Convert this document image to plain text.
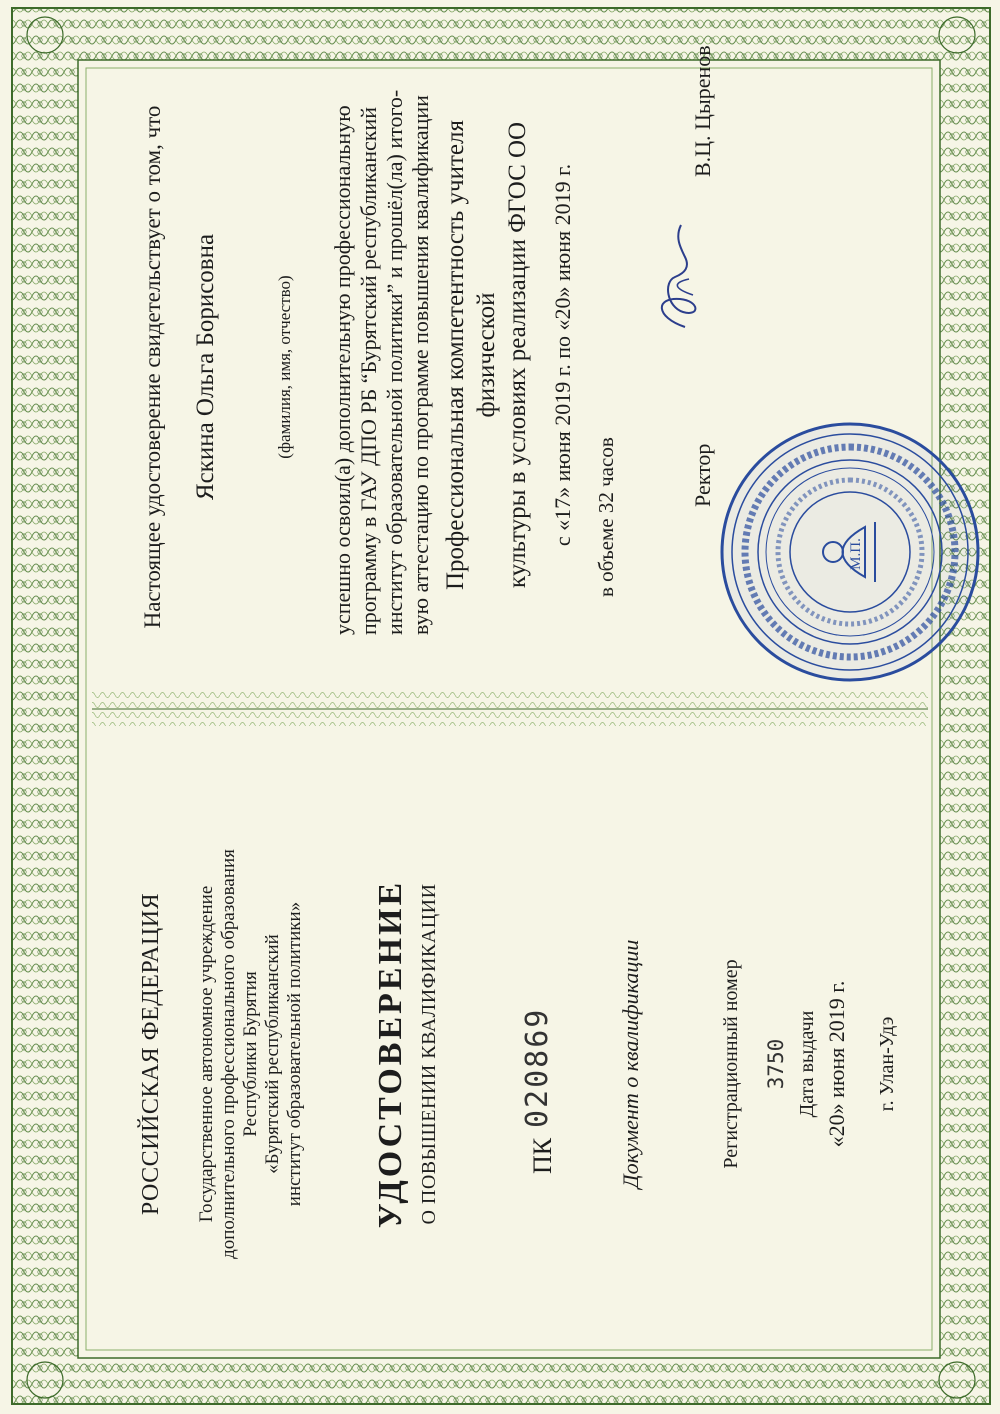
РОССИЙСКАЯ ФЕДЕРАЦИЯ Государственное автономное учреждение дополнительного профессионального образования Республики Бурятия «Бурятский республиканский институт образовательной политики» УДОСТОВЕРЕНИЕ О ПОВЫШЕНИИ КВАЛИФИКАЦИИ	ПК
020869	Документ о квалификации	Регистрационный номер 3750 Дата выдачи «20» июня 2019 г. г. Улан-Удэ
Настоящее удостоверение свидетельствует о том, что Яскина Ольга Борисовна	(фамилия, имя, отчество) успешно освоил(а) дополнительную профессиональную программу в ГАУ ДПО РБ “Бурятский республиканский институт образовательной политики” и прошёл(ла) итого- вую аттестацию по программе повышения квалификации Профессиональная компетентность учителя физической культуры в условиях реализации ФГОС ОО с «17» июня 2019 г. по «20» июня 2019 г. в объеме 32 часов	Ректор
В.Ц. Цыренов
М.П.
